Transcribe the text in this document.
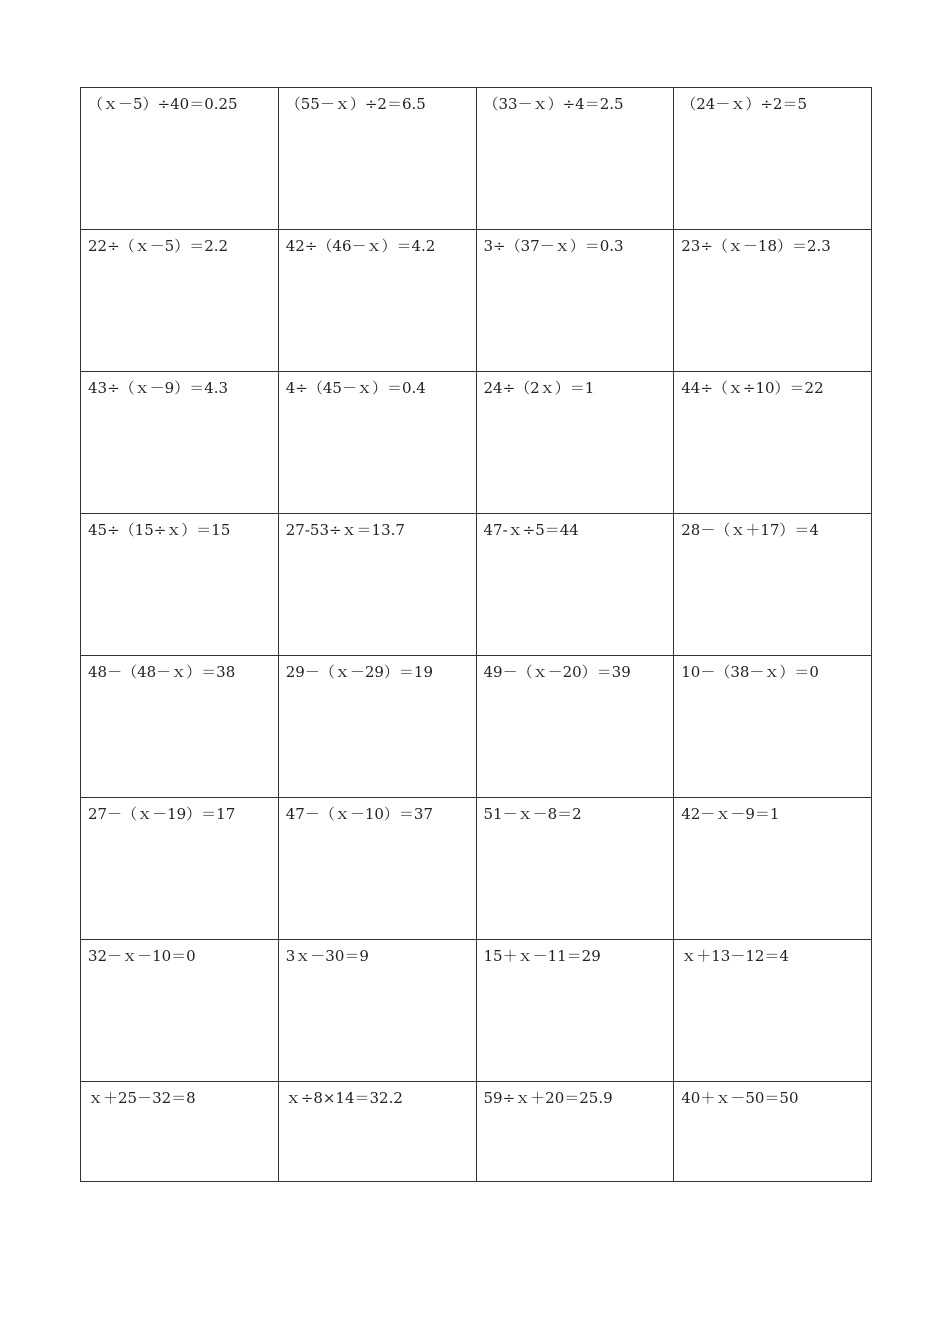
（ｘ－5）÷40＝0.25	（55－ｘ）÷2＝6.5	（33－ｘ）÷4＝2.5	（24－ｘ）÷2＝5
22÷（ｘ－5）＝2.2	42÷（46－ｘ）＝4.2	3÷（37－ｘ）＝0.3	23÷（ｘ－18）＝2.3
43÷（ｘ－9）＝4.3	4÷（45－ｘ）＝0.4	24÷（2ｘ）＝1	44÷（ｘ÷10）＝22
45÷（15÷ｘ）＝15	27-53÷ｘ＝13.7	47-ｘ÷5＝44	28－（ｘ＋17）＝4
48－（48－ｘ）＝38	29－（ｘ－29）＝19	49－（ｘ－20）＝39	10－（38－ｘ）＝0
27－（ｘ－19）＝17	47－（ｘ－10）＝37	51－ｘ－8＝2	42－ｘ－9＝1
32－ｘ－10＝0	3ｘ－30＝9	15＋ｘ－11＝29	ｘ＋13－12＝4
ｘ＋25－32＝8	ｘ÷8×14＝32.2	59÷ｘ＋20＝25.9	40＋ｘ－50＝50
